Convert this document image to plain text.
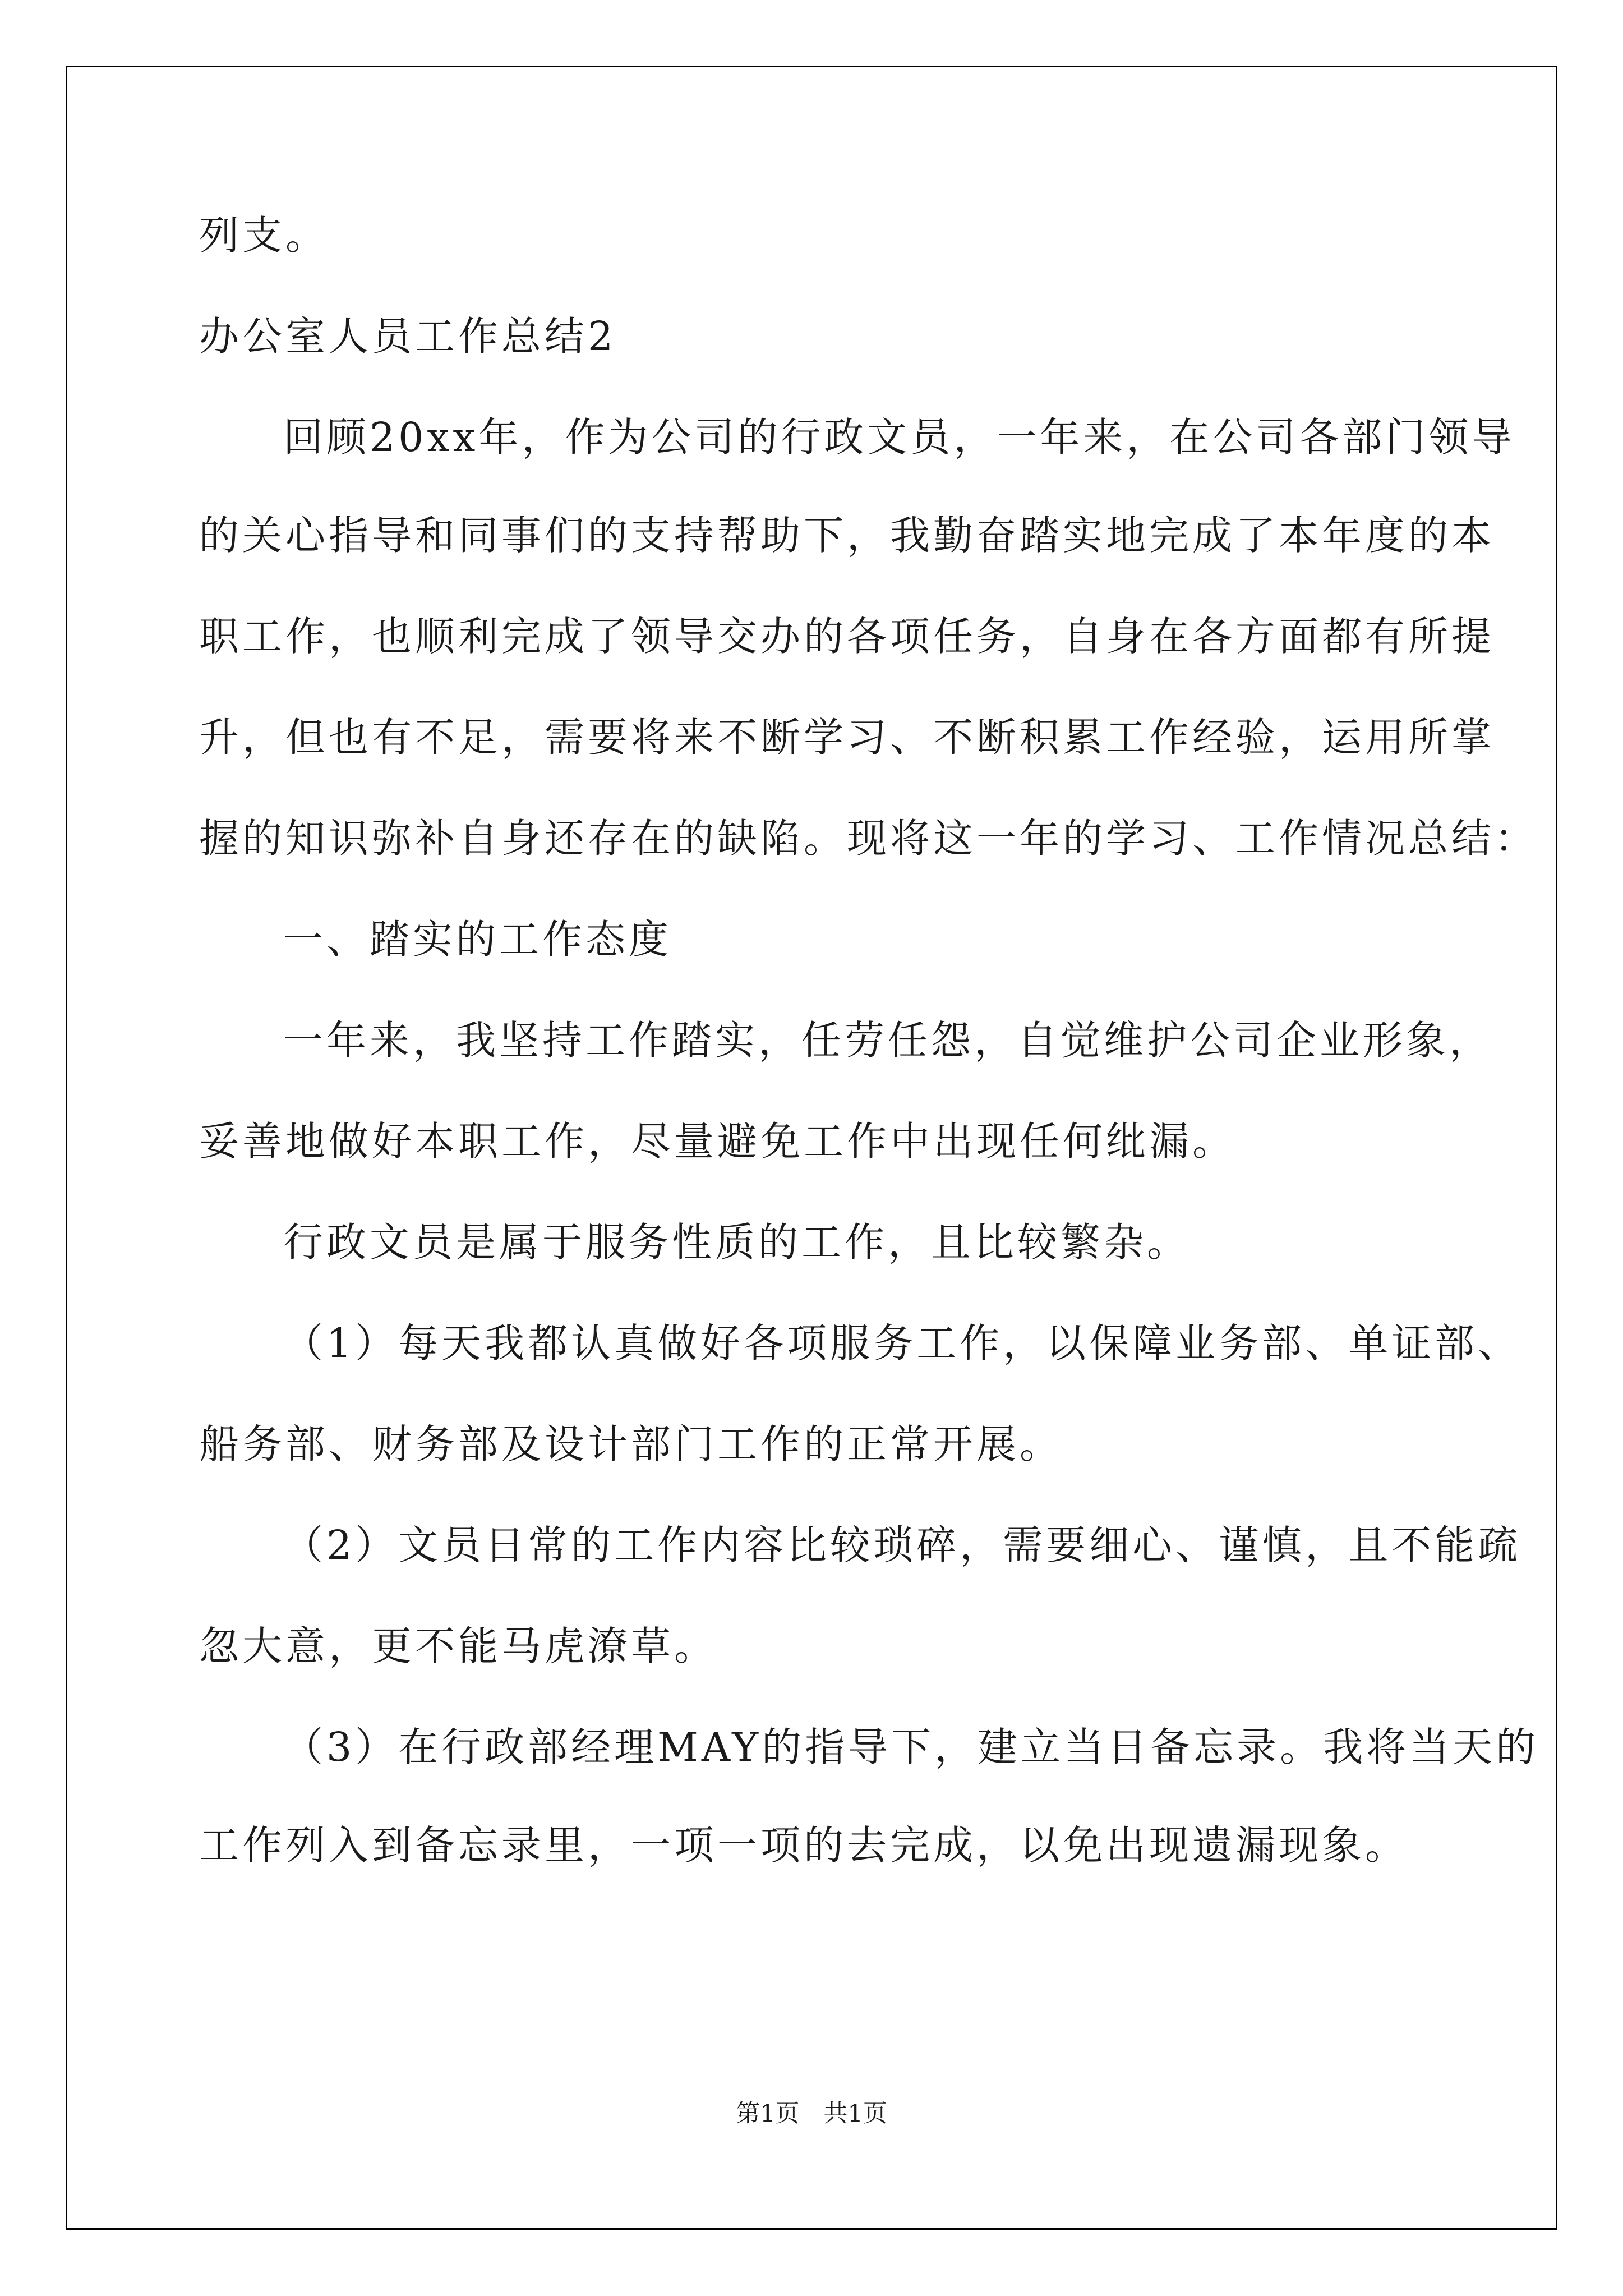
列支。
办公室人员工作总结2
回顾20xx年，作为公司的行政文员，一年来，在公司各部门领导
的关心指导和同事们的支持帮助下，我勤奋踏实地完成了本年度的本
职工作，也顺利完成了领导交办的各项任务，自身在各方面都有所提
升，但也有不足，需要将来不断学习、不断积累工作经验，运用所掌
握的知识弥补自身还存在的缺陷。现将这一年的学习、工作情况总结：
一、踏实的工作态度
一年来，我坚持工作踏实，任劳任怨，自觉维护公司企业形象，
妥善地做好本职工作，尽量避免工作中出现任何纰漏。
行政文员是属于服务性质的工作，且比较繁杂。
（1）每天我都认真做好各项服务工作，以保障业务部、单证部、
船务部、财务部及设计部门工作的正常开展。
（2）文员日常的工作内容比较琐碎，需要细心、谨慎，且不能疏
忽大意，更不能马虎潦草。
（3）在行政部经理MAY的指导下，建立当日备忘录。我将当天的
工作列入到备忘录里，一项一项的去完成，以免出现遗漏现象。
第1页　共1页
